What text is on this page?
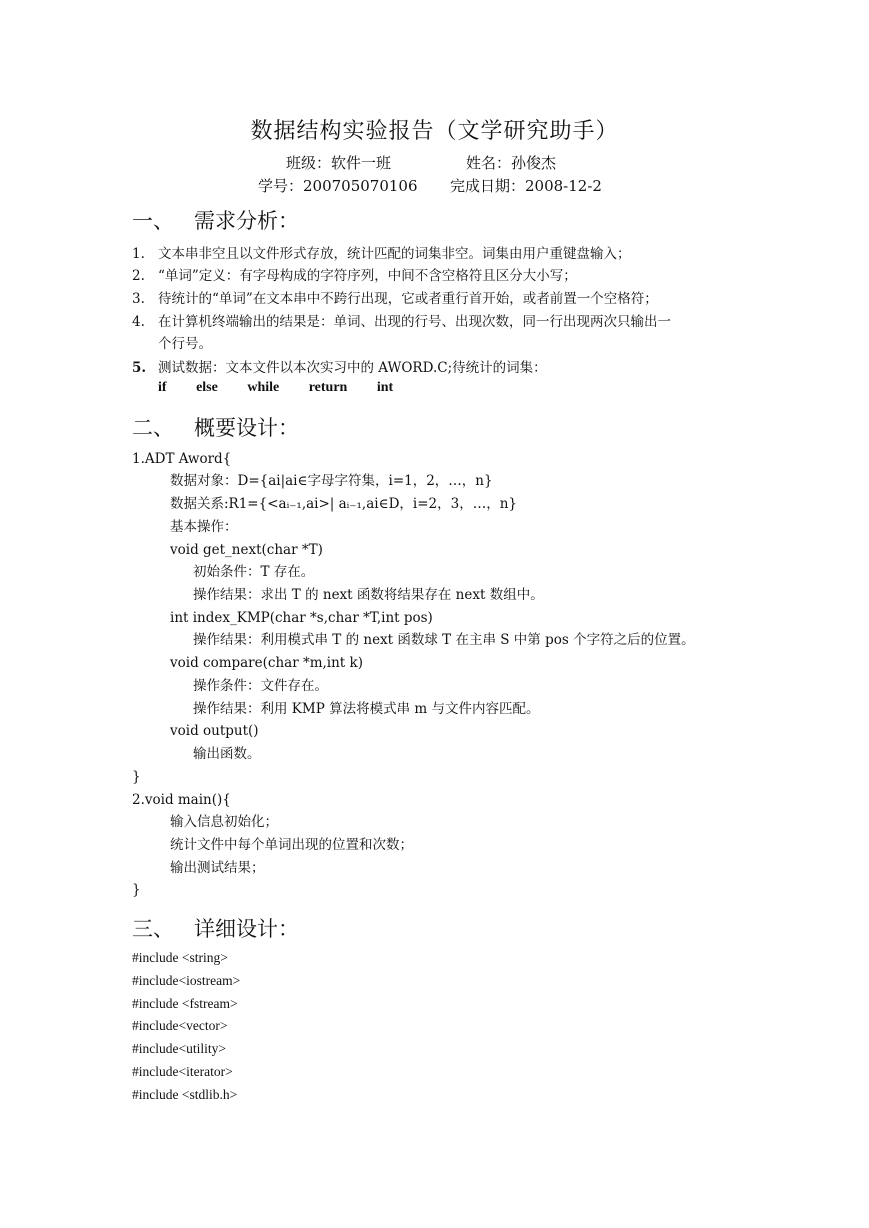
数据结构实验报告（文学研究助手）
班级：软件一班	姓名：孙俊杰
学号：200705070106 完成日期：2008-12-2
一、 需求分析：
1. 文本串非空且以文件形式存放，统计匹配的词集非空。词集由用户重键盘输入；
2. “单词”定义：有字母构成的字符序列，中间不含空格符且区分大小写；
3. 待统计的“单词”在文本串中不跨行出现，它或者重行首开始，或者前置一个空格符；
4. 在计算机终端输出的结果是：单词、出现的行号、出现次数，同一行出现两次只输出一
个行号。
5. 测试数据：文本文件以本次实习中的 AWORD.C;待统计的词集：
if else while return int
二、 概要设计：
1.ADT Aword{
数据对象：D={ai|ai∈字母字符集，i=1，2，…，n}
数据关系:R1={<aᵢ₋₁,ai>| aᵢ₋₁,ai∈D，i=2，3，…，n}
基本操作：
void get_next(char *T)
初始条件：T 存在。
操作结果：求出 T 的 next 函数将结果存在 next 数组中。
int index_KMP(char *s,char *T,int pos)
操作结果：利用模式串 T 的 next 函数球 T 在主串 S 中第 pos 个字符之后的位置。
void compare(char *m,int k)
操作条件：文件存在。
操作结果：利用 KMP 算法将模式串 m 与文件内容匹配。
void output()
输出函数。
}
2.void main(){
输入信息初始化；
统计文件中每个单词出现的位置和次数；
输出测试结果；
}
三、 详细设计：
#include <string>
#include<iostream>
#include <fstream>
#include<vector>
#include<utility>
#include<iterator>
#include <stdlib.h>
